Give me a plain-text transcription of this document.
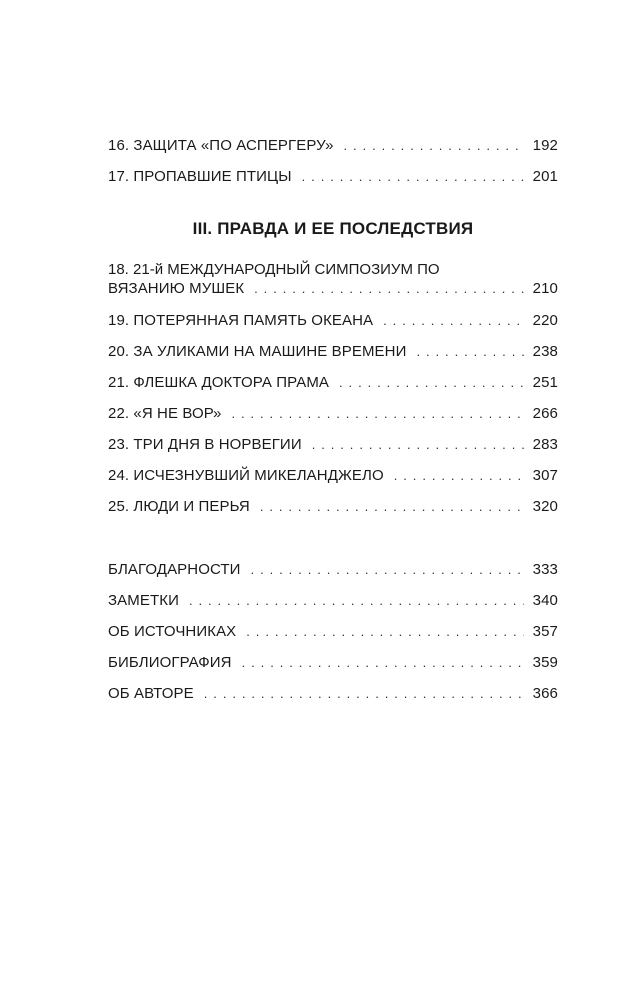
16. ЗАЩИТА «ПО АСПЕРГЕРУ» . . .	192
17. ПРОПАВШИЕ ПТИЦЫ . . .	201
III. ПРАВДА И ЕЕ ПОСЛЕДСТВИЯ
18. 21-й МЕЖДУНАРОДНЫЙ СИМПОЗИУМ ПО
ВЯЗАНИЮ МУШЕК . . .	210
19. ПОТЕРЯННАЯ ПАМЯТЬ ОКЕАНА . . .	220
20. ЗА УЛИКАМИ НА МАШИНЕ ВРЕМЕНИ . . .	238
21. ФЛЕШКА ДОКТОРА ПРАМА . . .	251
22. «Я НЕ ВОР» . . .	266
23. ТРИ ДНЯ В НОРВЕГИИ . . .	283
24. ИСЧЕЗНУВШИЙ МИКЕЛАНДЖЕЛО . . .	307
25. ЛЮДИ И ПЕРЬЯ . . .	320
БЛАГОДАРНОСТИ . . .	333
ЗАМЕТКИ . . .	340
ОБ ИСТОЧНИКАХ . . .	357
БИБЛИОГРАФИЯ . . .	359
ОБ АВТОРЕ . . .	366
